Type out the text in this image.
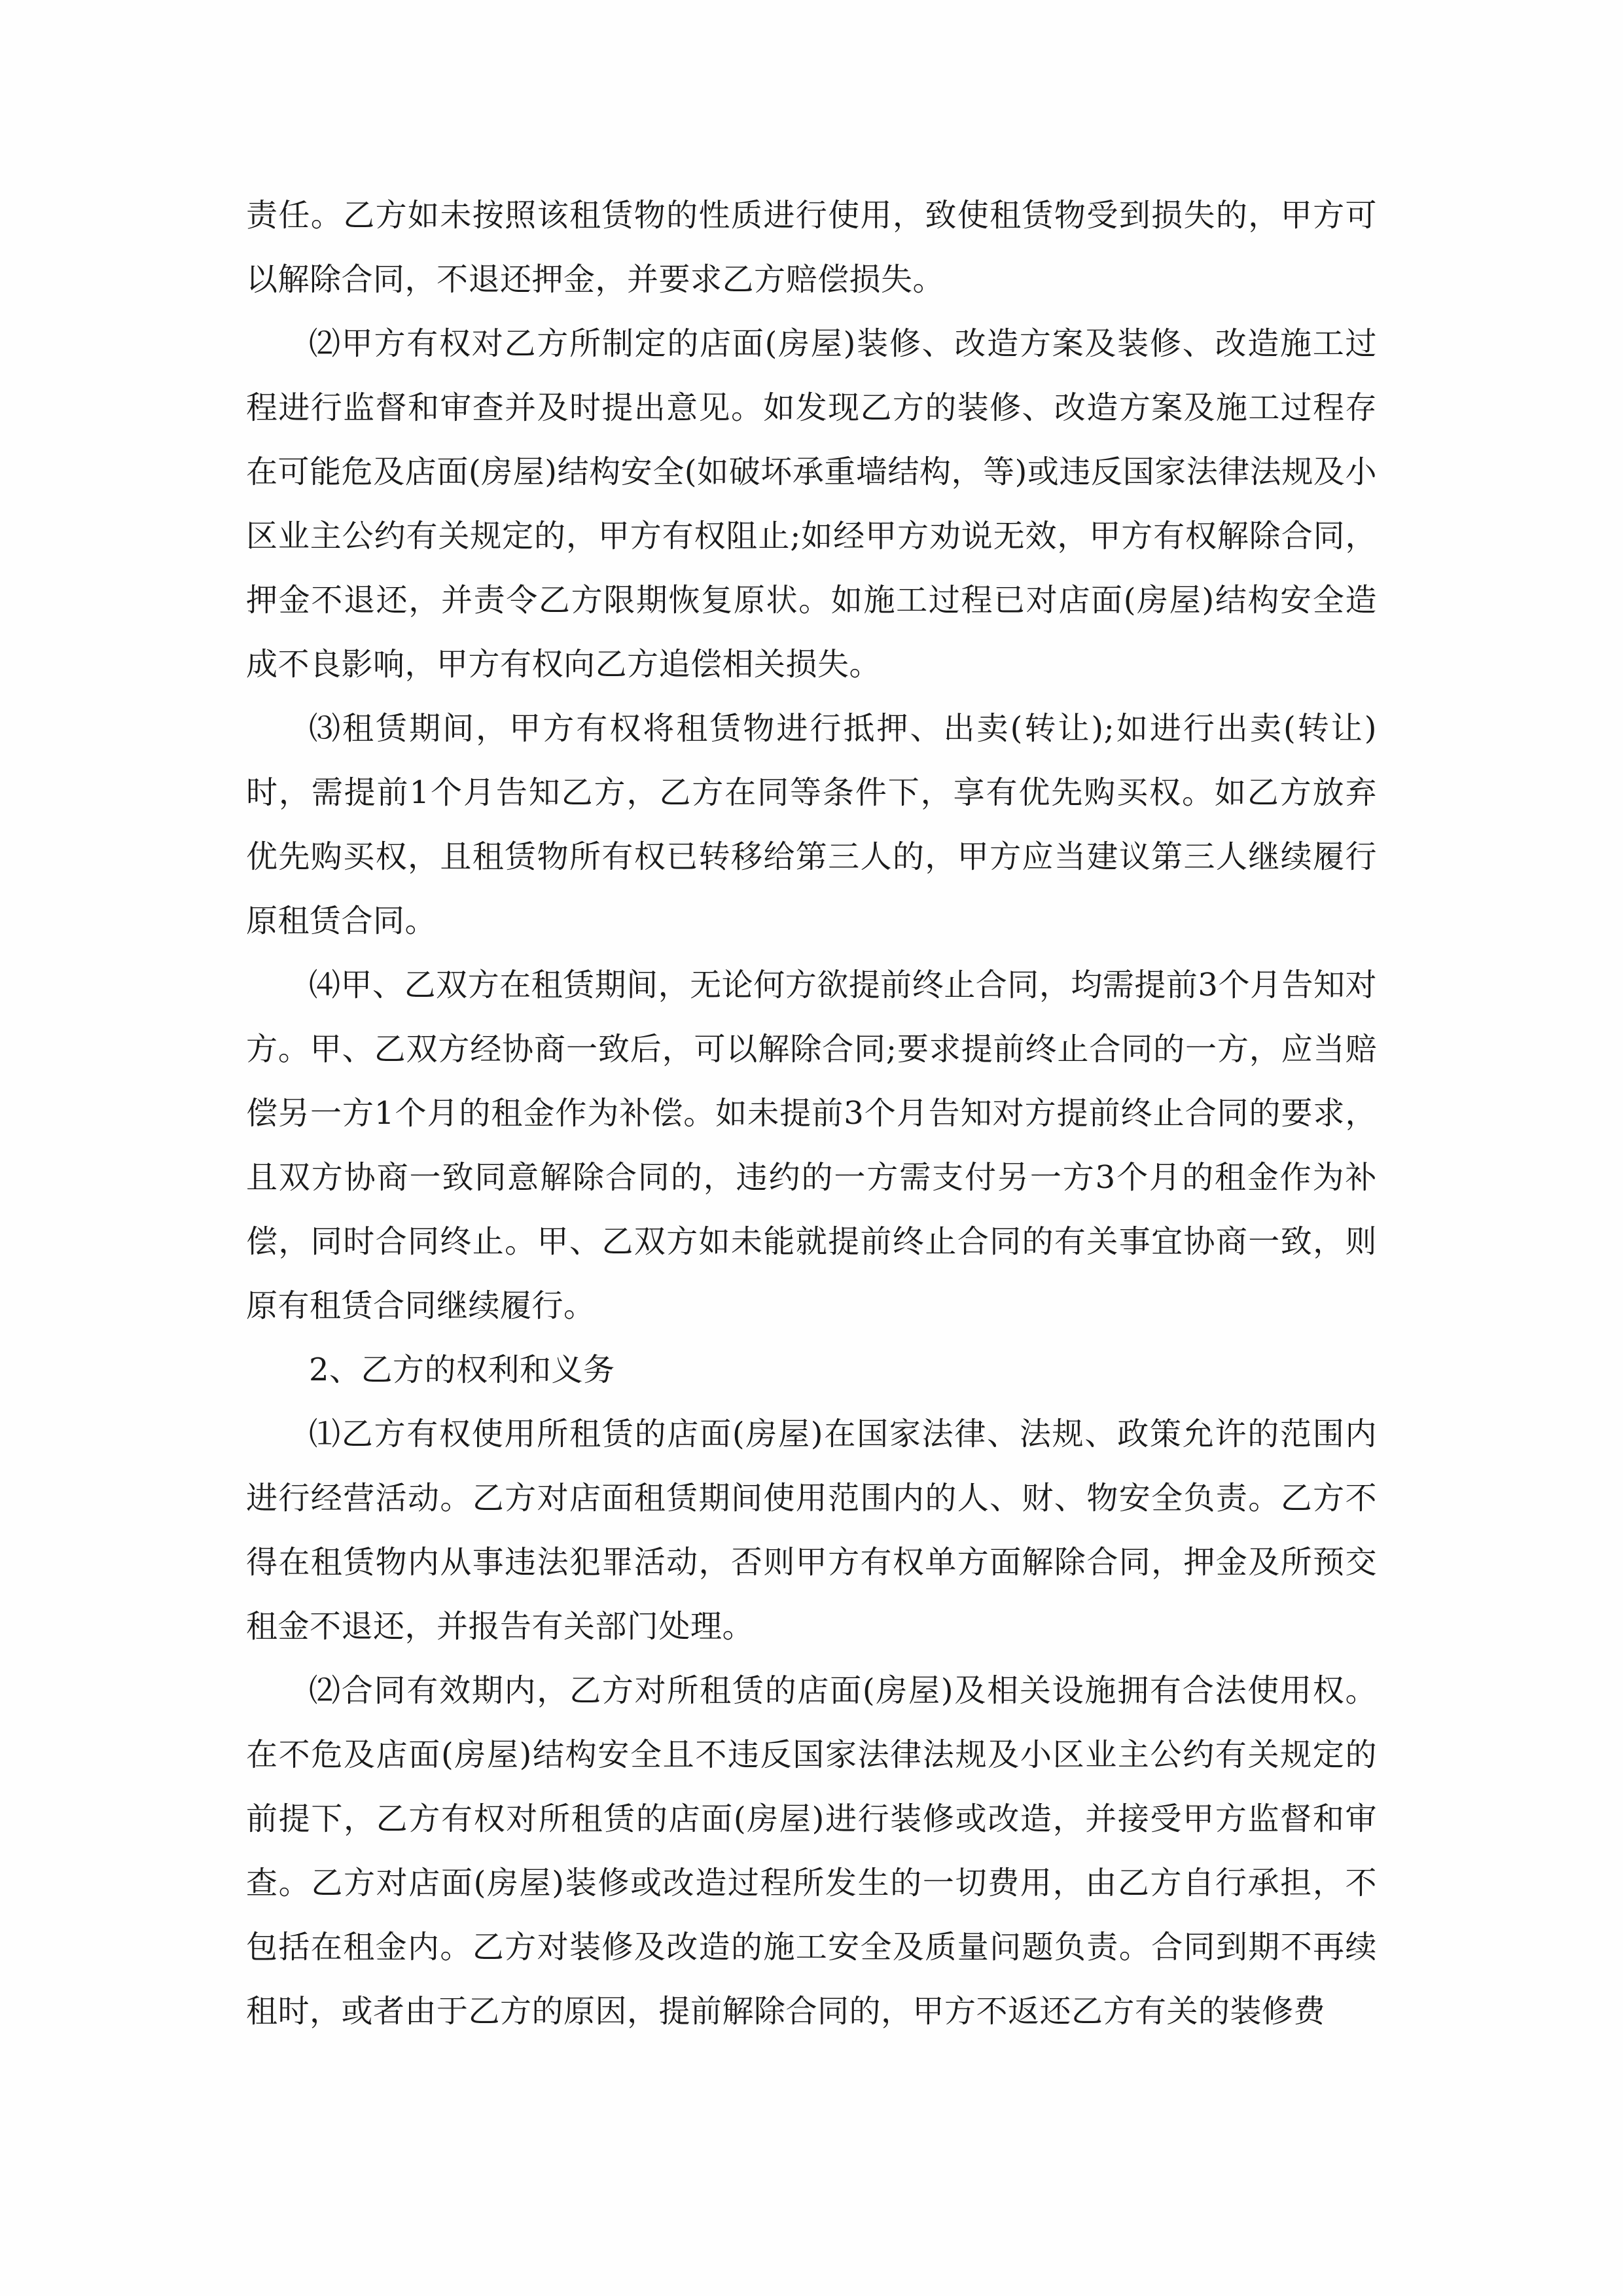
责任。乙方如未按照该租赁物的性质进行使用，致使租赁物受到损失的，甲方可以解除合同，不退还押金，并要求乙方赔偿损失。

⑵甲方有权对乙方所制定的店面(房屋)装修、改造方案及装修、改造施工过程进行监督和审查并及时提出意见。如发现乙方的装修、改造方案及施工过程存在可能危及店面(房屋)结构安全(如破坏承重墙结构，等)或违反国家法律法规及小区业主公约有关规定的，甲方有权阻止;如经甲方劝说无效，甲方有权解除合同，押金不退还，并责令乙方限期恢复原状。如施工过程已对店面(房屋)结构安全造成不良影响，甲方有权向乙方追偿相关损失。

⑶租赁期间，甲方有权将租赁物进行抵押、出卖(转让);如进行出卖(转让)时，需提前1个月告知乙方，乙方在同等条件下，享有优先购买权。如乙方放弃优先购买权，且租赁物所有权已转移给第三人的，甲方应当建议第三人继续履行原租赁合同。

⑷甲、乙双方在租赁期间，无论何方欲提前终止合同，均需提前3个月告知对方。甲、乙双方经协商一致后，可以解除合同;要求提前终止合同的一方，应当赔偿另一方1个月的租金作为补偿。如未提前3个月告知对方提前终止合同的要求，且双方协商一致同意解除合同的，违约的一方需支付另一方3个月的租金作为补偿，同时合同终止。甲、乙双方如未能就提前终止合同的有关事宜协商一致，则原有租赁合同继续履行。

2、乙方的权利和义务

⑴乙方有权使用所租赁的店面(房屋)在国家法律、法规、政策允许的范围内进行经营活动。乙方对店面租赁期间使用范围内的人、财、物安全负责。乙方不得在租赁物内从事违法犯罪活动，否则甲方有权单方面解除合同，押金及所预交租金不退还，并报告有关部门处理。

⑵合同有效期内，乙方对所租赁的店面(房屋)及相关设施拥有合法使用权。在不危及店面(房屋)结构安全且不违反国家法律法规及小区业主公约有关规定的前提下，乙方有权对所租赁的店面(房屋)进行装修或改造，并接受甲方监督和审查。乙方对店面(房屋)装修或改造过程所发生的一切费用，由乙方自行承担，不包括在租金内。乙方对装修及改造的施工安全及质量问题负责。合同到期不再续租时，或者由于乙方的原因，提前解除合同的，甲方不返还乙方有关的装修费
